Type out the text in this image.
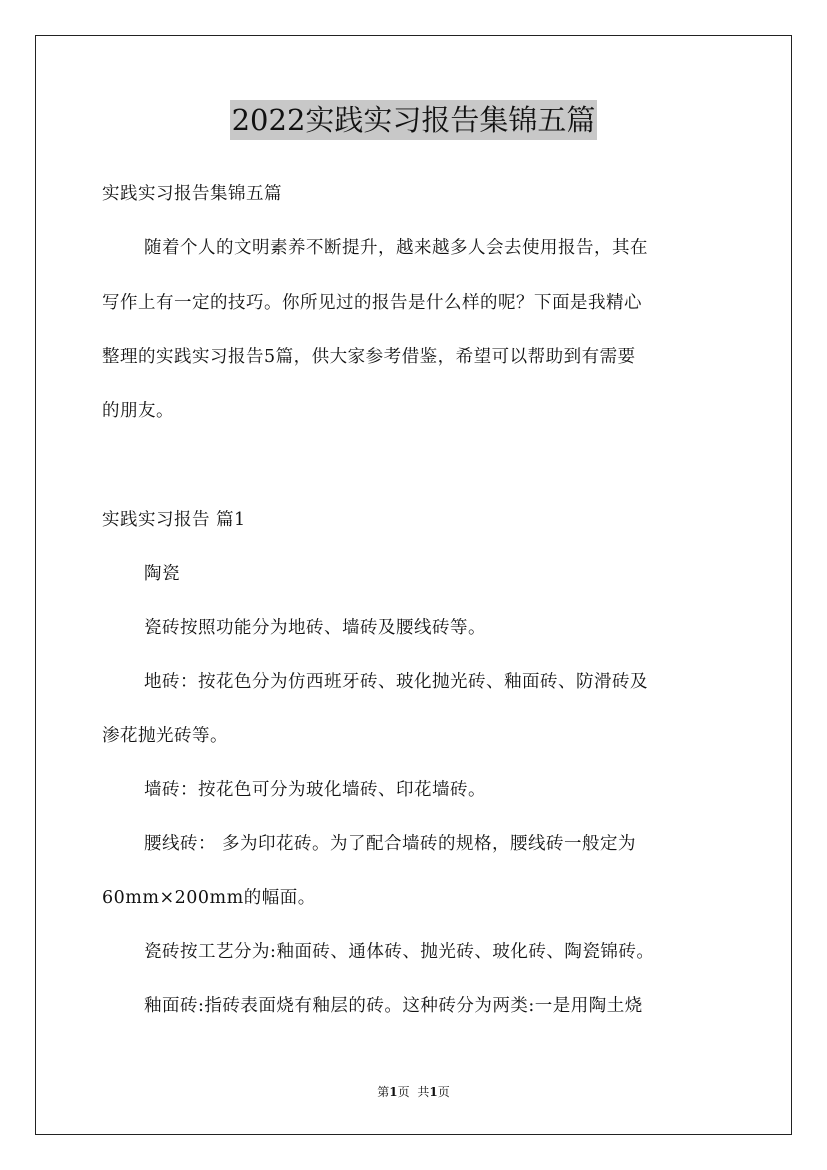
2022实践实习报告集锦五篇
实践实习报告集锦五篇
随着个人的文明素养不断提升，越来越多人会去使用报告，其在
写作上有一定的技巧。你所见过的报告是什么样的呢？下面是我精心
整理的实践实习报告5篇，供大家参考借鉴，希望可以帮助到有需要
的朋友。
实践实习报告 篇1
陶瓷
瓷砖按照功能分为地砖、墙砖及腰线砖等。
地砖：按花色分为仿西班牙砖、玻化抛光砖、釉面砖、防滑砖及
渗花抛光砖等。
墙砖：按花色可分为玻化墙砖、印花墙砖。
腰线砖： 多为印花砖。为了配合墙砖的规格，腰线砖一般定为
60mm×200mm的幅面。
瓷砖按工艺分为:釉面砖、通体砖、抛光砖、玻化砖、陶瓷锦砖。
釉面砖:指砖表面烧有釉层的砖。这种砖分为两类:一是用陶土烧
第1页 共1页
